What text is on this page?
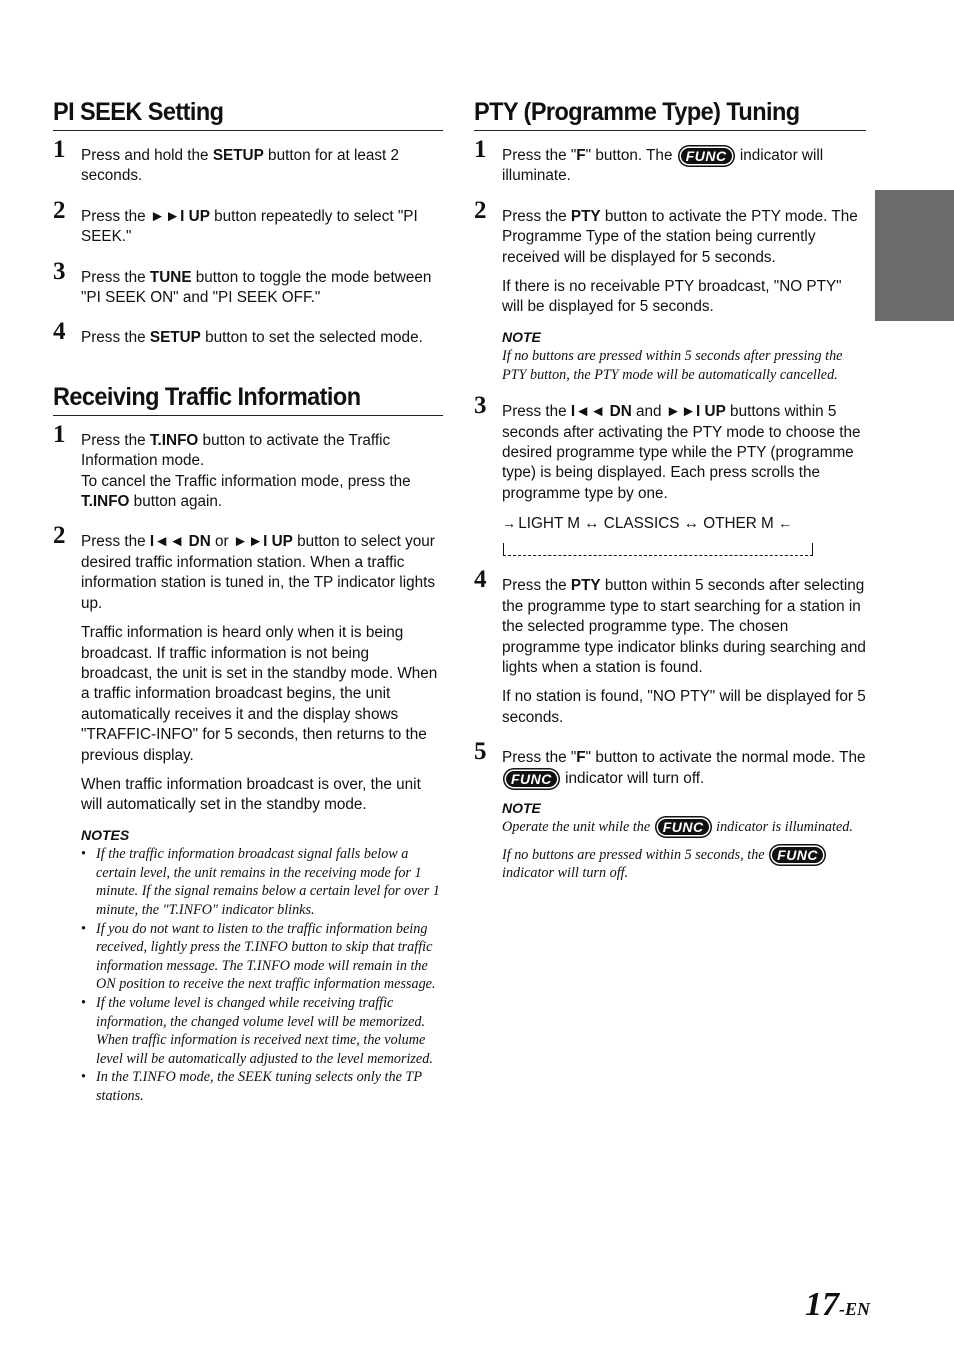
PI SEEK Setting
1 Press and hold the SETUP button for at least 2 seconds.

2 Press the ►►I UP button repeatedly to select "PI SEEK."

3 Press the TUNE button to toggle the mode between "PI SEEK ON" and "PI SEEK OFF."

4 Press the SETUP button to set the selected mode.

Receiving Traffic Information
1 Press the T.INFO button to activate the Traffic Information mode.
To cancel the Traffic information mode, press the T.INFO button again.

2 Press the I◄◄ DN or ►►I UP button to select your desired traffic information station. When a traffic information station is tuned in, the TP indicator lights up.

Traffic information is heard only when it is being broadcast. If traffic information is not being broadcast, the unit is set in the standby mode. When a traffic information broadcast begins, the unit automatically receives it and the display shows "TRAFFIC-INFO" for 5 seconds, then returns to the previous display.

When traffic information broadcast is over, the unit will automatically set in the standby mode.

NOTES
• If the traffic information broadcast signal falls below a certain level, the unit remains in the receiving mode for 1 minute. If the signal remains below a certain level for over 1 minute, the "T.INFO" indicator blinks.
• If you do not want to listen to the traffic information being received, lightly press the T.INFO button to skip that traffic information message. The T.INFO mode will remain in the ON position to receive the next traffic information message.
• If the volume level is changed while receiving traffic information, the changed volume level will be memorized. When traffic information is received next time, the volume level will be automatically adjusted to the level memorized.
• In the T.INFO mode, the SEEK tuning selects only the TP stations.
PTY (Programme Type) Tuning
1 Press the "F" button. The FUNC indicator will illuminate.

2 Press the PTY button to activate the PTY mode. The Programme Type of the station being currently received will be displayed for 5 seconds.

If there is no receivable PTY broadcast, "NO PTY" will be displayed for 5 seconds.

NOTE

If no buttons are pressed within 5 seconds after pressing the PTY button, the PTY mode will be automatically cancelled.

3 Press the I◄◄ DN and ►►I UP buttons within 5 seconds after activating the PTY mode to choose the desired programme type while the PTY (programme type) is being displayed. Each press scrolls the programme type by one.

→ LIGHT M ↔ CLASSICS ↔ OTHER M ←

4 Press the PTY button within 5 seconds after selecting the programme type to start searching for a station in the selected programme type. The chosen programme type indicator blinks during searching and lights when a station is found.

If no station is found, "NO PTY" will be displayed for 5 seconds.

5 Press the "F" button to activate the normal mode. The FUNC indicator will turn off.

NOTE

Operate the unit while the FUNC indicator is illuminated.

If no buttons are pressed within 5 seconds, the FUNC indicator will turn off.

17-EN
